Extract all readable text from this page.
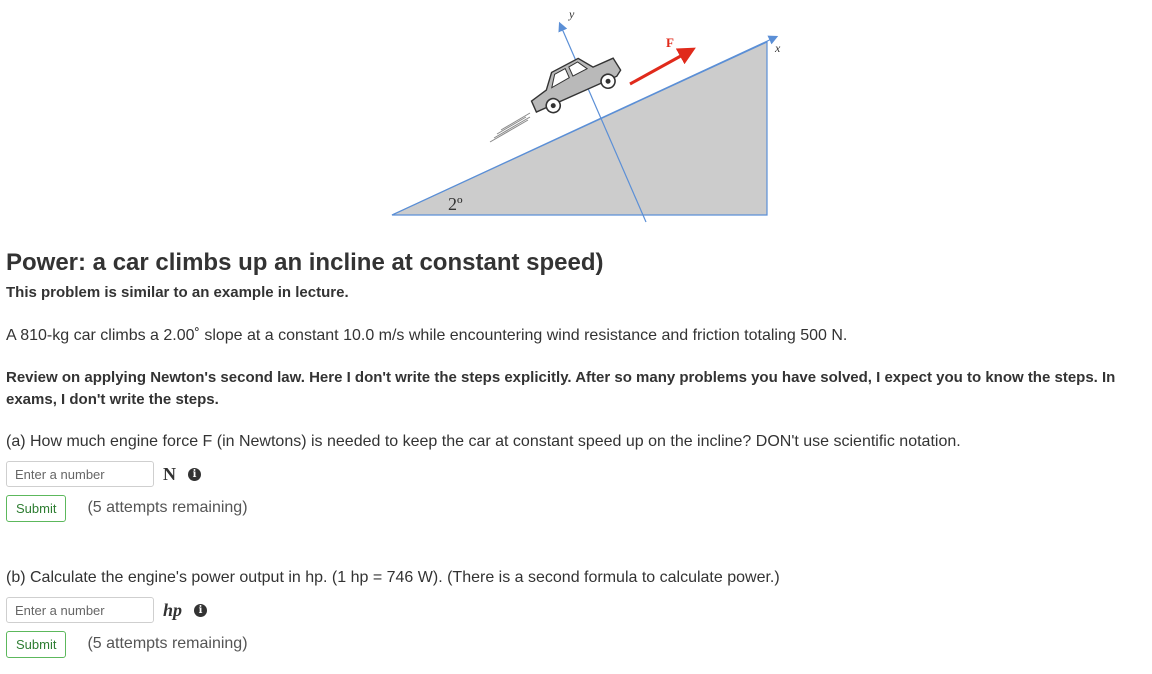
F	x
y
2º
Power: a car climbs up an incline at constant speed)
This problem is similar to an example in lecture.
A 810-kg car climbs a 2.00˚ slope at a constant 10.0 m/s while encountering wind resistance and friction totaling 500 N.
Review on applying Newton's second law. Here I don't write the steps explicitly. After so many problems you have solved, I expect you to know the steps. In exams, I don't write the steps.
(a) How much engine force F (in Newtons) is needed to keep the car at constant speed up on the incline? DON't use scientific notation.
Enter a number
N	i
Submit	(5 attempts remaining)
(b) Calculate the engine's power output in hp. (1 hp = 746 W). (There is a second formula to calculate power.)
Enter a number
hp	i
Submit	(5 attempts remaining)
